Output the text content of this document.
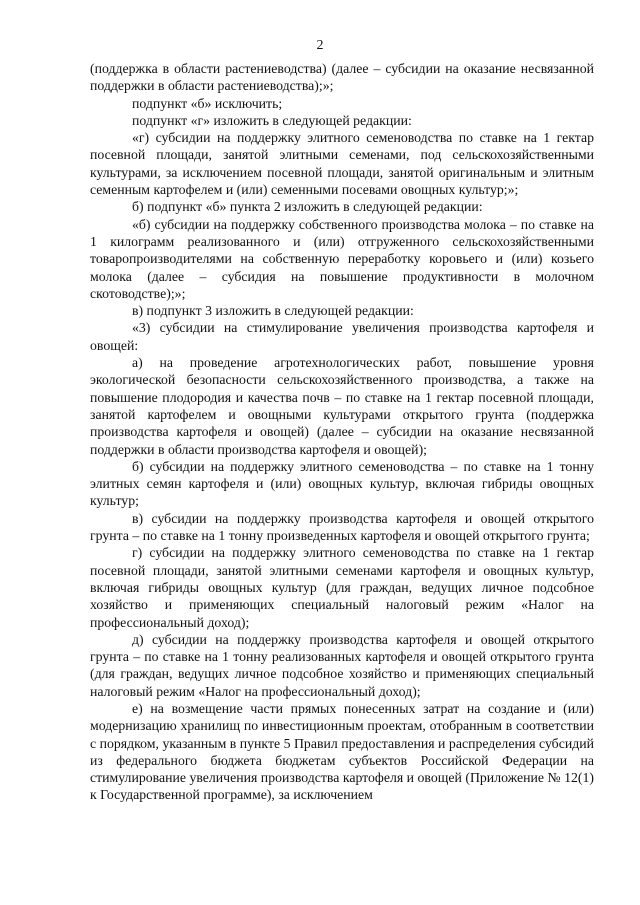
2

(поддержка в области растениеводства) (далее – субсидии на оказание несвязанной поддержки в области растениеводства);»;

подпункт «б» исключить;

подпункт «г» изложить в следующей редакции:

«г) субсидии на поддержку элитного семеноводства по ставке на 1 гектар посевной площади, занятой элитными семенами, под сельскохозяйственными культурами, за исключением посевной площади, занятой оригинальным и элитным семенным картофелем и (или) семенными посевами овощных культур;»;

б) подпункт «б» пункта 2 изложить в следующей редакции:

«б) субсидии на поддержку собственного производства молока – по ставке на 1 килограмм реализованного и (или) отгруженного сельскохозяйственными товаропроизводителями на собственную переработку коровьего и (или) козьего молока (далее – субсидия на повышение продуктивности в молочном скотоводстве);»;

в) подпункт 3 изложить в следующей редакции:

«3) субсидии на стимулирование увеличения производства картофеля и овощей:

а) на проведение агротехнологических работ, повышение уровня экологической безопасности сельскохозяйственного производства, а также на повышение плодородия и качества почв – по ставке на 1 гектар посевной площади, занятой картофелем и овощными культурами открытого грунта (поддержка производства картофеля и овощей) (далее – субсидии на оказание несвязанной поддержки в области производства картофеля и овощей);

б) субсидии на поддержку элитного семеноводства – по ставке на 1 тонну элитных семян картофеля и (или) овощных культур, включая гибриды овощных культур;

в) субсидии на поддержку производства картофеля и овощей открытого грунта – по ставке на 1 тонну произведенных картофеля и овощей открытого грунта;

г) субсидии на поддержку элитного семеноводства по ставке на 1 гектар посевной площади, занятой элитными семенами картофеля и овощных культур, включая гибриды овощных культур (для граждан, ведущих личное подсобное хозяйство и применяющих специальный налоговый режим «Налог на профессиональный доход);

д) субсидии на поддержку производства картофеля и овощей открытого грунта – по ставке на 1 тонну реализованных картофеля и овощей открытого грунта (для граждан, ведущих личное подсобное хозяйство и применяющих специальный налоговый режим «Налог на профессиональный доход);

е) на возмещение части прямых понесенных затрат на создание и (или) модернизацию хранилищ по инвестиционным проектам, отобранным в соответствии с порядком, указанным в пункте 5 Правил предоставления и распределения субсидий из федерального бюджета бюджетам субъектов Российской Федерации на стимулирование увеличения производства картофеля и овощей (Приложение № 12(1) к Государственной программе), за исключением
